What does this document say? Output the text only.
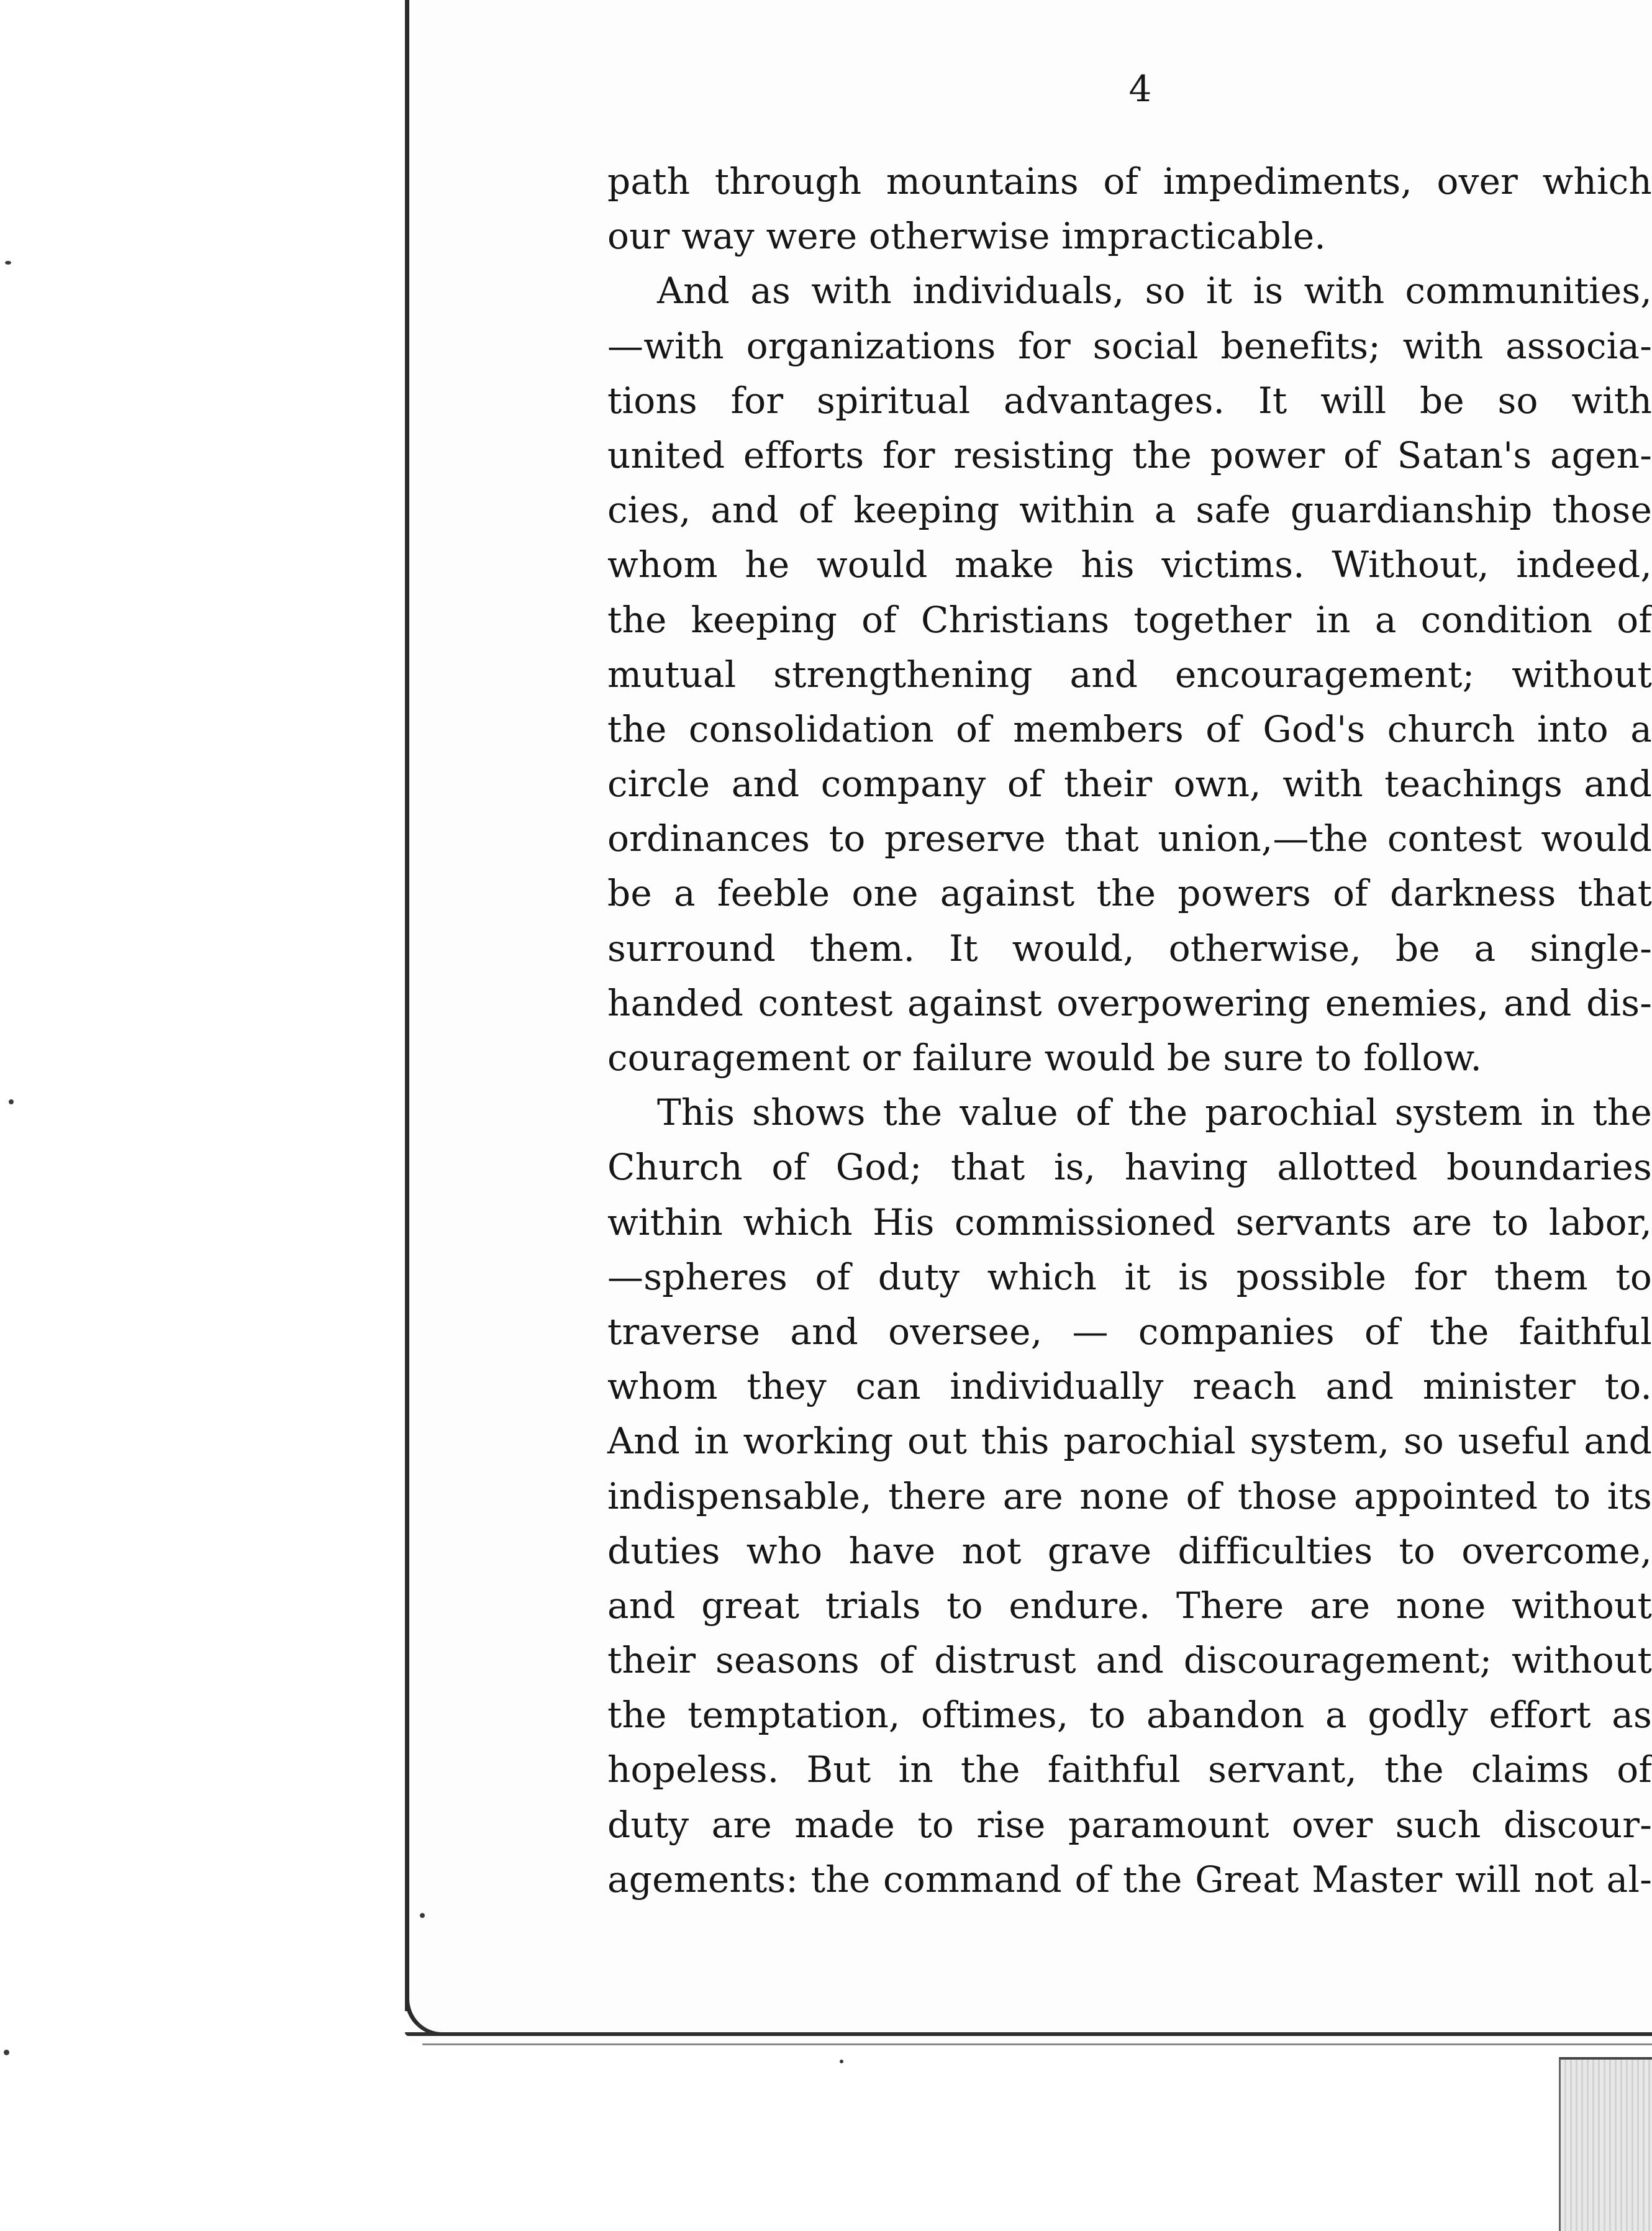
4
path through mountains of impediments, over which
our way were otherwise impracticable.
And as with individuals, so it is with communities,
—with organizations for social benefits; with associa-
tions for spiritual advantages. It will be so with
united efforts for resisting the power of Satan's agen-
cies, and of keeping within a safe guardianship those
whom he would make his victims. Without, indeed,
the keeping of Christians together in a condition of
mutual strengthening and encouragement; without
the consolidation of members of God's church into a
circle and company of their own, with teachings and
ordinances to preserve that union,—the contest would
be a feeble one against the powers of darkness that
surround them. It would, otherwise, be a single-
handed contest against overpowering enemies, and dis-
couragement or failure would be sure to follow.
This shows the value of the parochial system in the
Church of God; that is, having allotted boundaries
within which His commissioned servants are to labor,
—spheres of duty which it is possible for them to
traverse and oversee, — companies of the faithful
whom they can individually reach and minister to.
And in working out this parochial system, so useful and
indispensable, there are none of those appointed to its
duties who have not grave difficulties to overcome,
and great trials to endure. There are none without
their seasons of distrust and discouragement; without
the temptation, oftimes, to abandon a godly effort as
hopeless. But in the faithful servant, the claims of
duty are made to rise paramount over such discour-
agements: the command of the Great Master will not al-
